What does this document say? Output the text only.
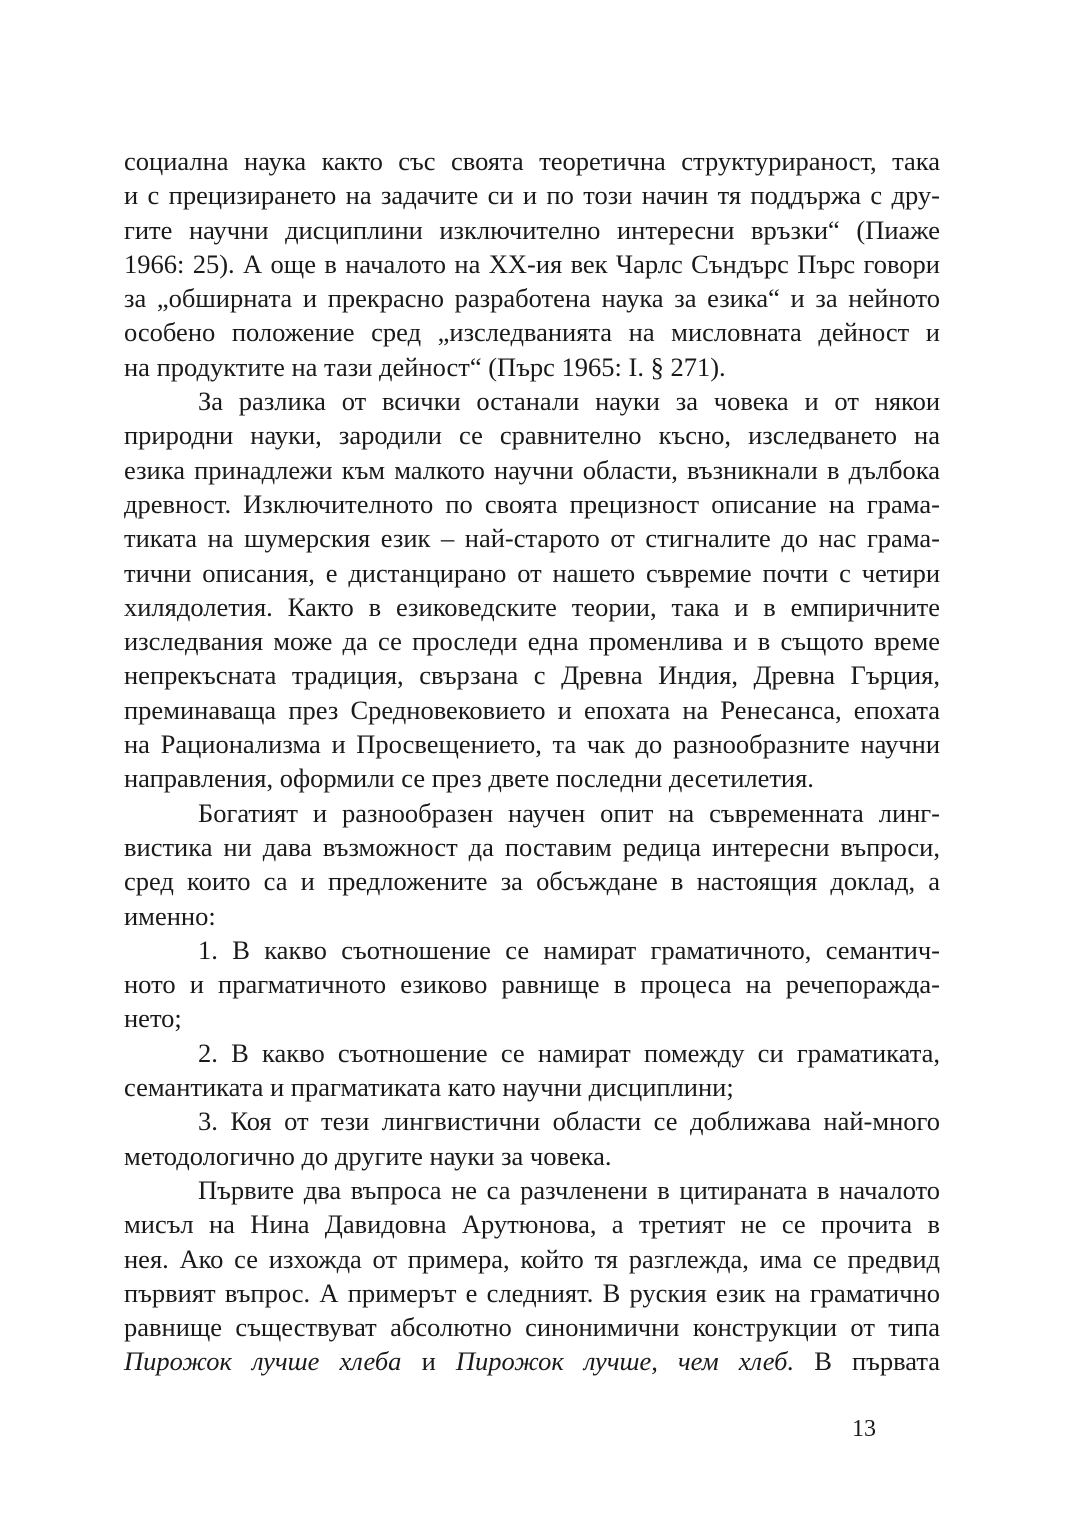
социална наука както със своята теоретична структурираност, така
и с прецизирането на задачите си и по този начин тя поддържа с дру-
гите научни дисциплини изключително интересни връзки“ (Пиаже
1966: 25). А още в началото на XX-ия век Чарлс Съндърс Пърс говори
за „обширната и прекрасно разработена наука за езика“ и за нейното
особено положение сред „изследванията на мисловната дейност и
на продуктите на тази дейност“ (Пърс 1965: I. § 271).
За разлика от всички останали науки за човека и от някои
природни науки, зародили се сравнително късно, изследването на
езика принадлежи към малкото научни области, възникнали в дълбока
древност. Изключителното по своята прецизност описание на грама-
тиката на шумерския език – най-старото от стигналите до нас грама-
тични описания, е дистанцирано от нашето съвремие почти с четири
хилядолетия. Както в езиковедските теории, така и в емпиричните
изследвания може да се проследи една променлива и в същото време
непрекъсната традиция, свързана с Древна Индия, Древна Гърция,
преминаваща през Средновековието и епохата на Ренесанса, епохата
на Рационализма и Просвещението, та чак до разнообразните научни
направления, оформили се през двете последни десетилетия.
Богатият и разнообразен научен опит на съвременната линг-
вистика ни дава възможност да поставим редица интересни въпроси,
сред които са и предложените за обсъждане в настоящия доклад, а
именно:
1. В какво съотношение се намират граматичното, семантич-
ното и прагматичното езиково равнище в процеса на речепораждa-
нето;
2. В какво съотношение се намират помежду си граматиката,
семантиката и прагматиката като научни дисциплини;
3. Коя от тези лингвистични области се доближава най-много
методологично до другите науки за човека.
Първите два въпроса не са разчленени в цитираната в началото
мисъл на Нина Давидовна Арутюнова, а третият не се прочита в
нея. Ако се изхожда от примера, който тя разглежда, има се предвид
първият въпрос. А примерът е следният. В руския език на граматично
равнище съществуват абсолютно синонимични конструкции от типа
Пирожок лучше хлеба и Пирожок лучше, чем хлеб. В първата
13
